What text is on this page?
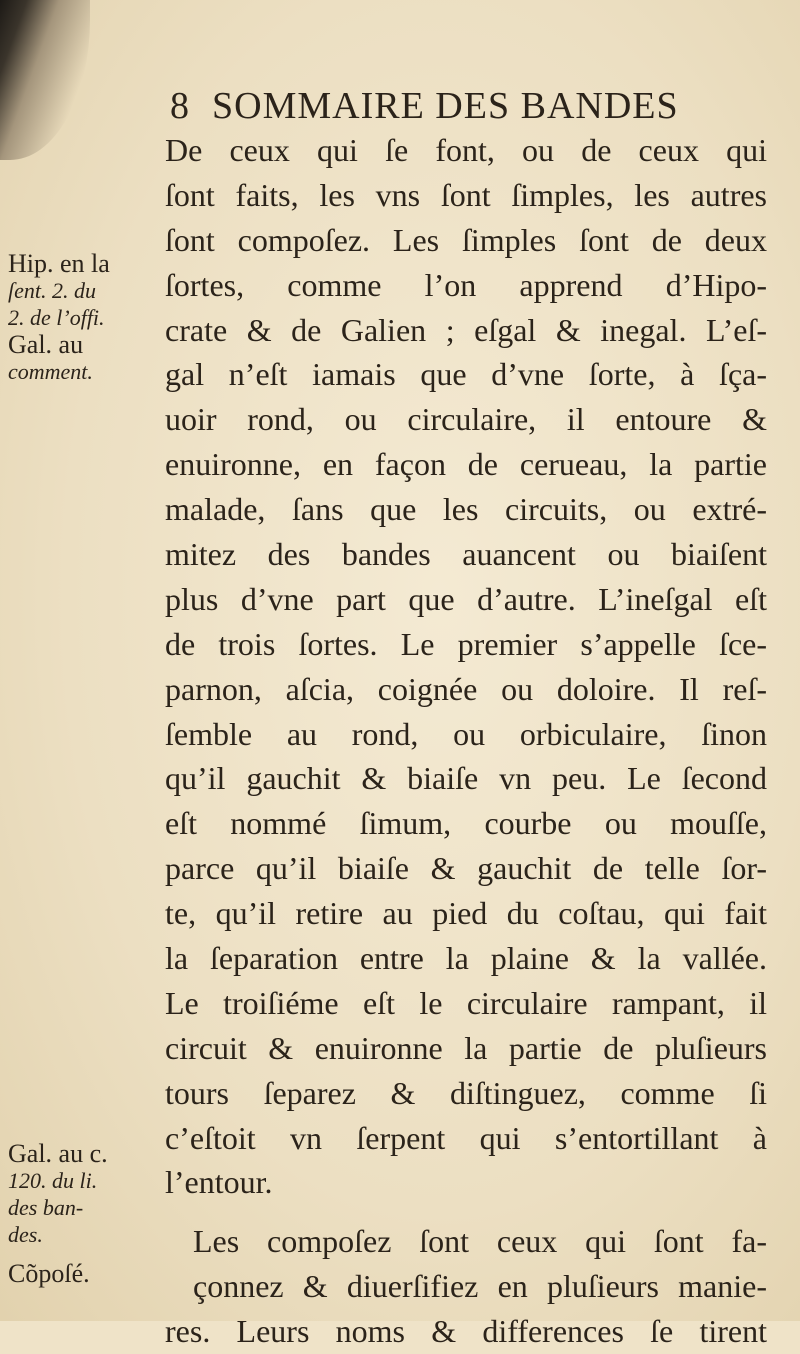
8 SOMMAIRE DES BANDES
De ceux qui ſe font, ou de ceux qui
ſont faits, les vns ſont ſimples, les autres
ſont compoſez. Les ſimples ſont de deux
ſortes, comme l’on apprend d’Hipo-
crate & de Galien ; eſgal & inegal. L’eſ-
gal n’eſt iamais que d’vne ſorte, à ſça-
uoir rond, ou circulaire, il entoure &
enuironne, en façon de cerueau, la partie
malade, ſans que les circuits, ou extré-
mitez des bandes auancent ou biaiſent
plus d’vne part que d’autre. L’ineſgal eſt
de trois ſortes. Le premier s’appelle ſce-
parnon, aſcia, coignée ou doloire. Il reſ-
ſemble au rond, ou orbiculaire, ſinon
qu’il gauchit & biaiſe vn peu. Le ſecond
eſt nommé ſimum, courbe ou mouſſe,
parce qu’il biaiſe & gauchit de telle ſor-
te, qu’il retire au pied du coſtau, qui fait
la ſeparation entre la plaine & la vallée.
Le troiſiéme eſt le circulaire rampant, il
circuit & enuironne la partie de pluſieurs
tours ſeparez & diſtinguez, comme ſi
c’eſtoit vn ſerpent qui s’entortillant à
l’entour.
Les compoſez ſont ceux qui ſont fa-
çonnez & diuerſifiez en pluſieurs manie-
res. Leurs noms & differences ſe tirent
Hip. en la
ſent. 2. du
2. de l’offi.
Gal. au
comment.
Gal. au c.
120. du li.
des ban-
des.
Cõpoſé.
